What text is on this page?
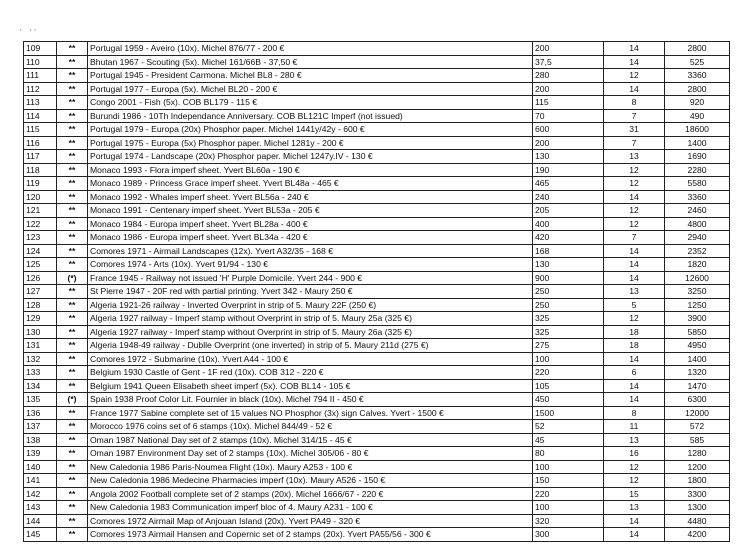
' ''
109	**	Portugal 1959 - Aveiro (10x). Michel 876/77 - 200 €	200	14	2800
110	**	Bhutan 1967 - Scouting (5x). Michel 161/66B - 37,50 €	37,5	14	525
111	**	Portugal 1945 - President Carmona. Michel BL8 - 280 €	280	12	3360
112	**	Portugal 1977 - Europa (5x). Michel BL20 - 200 €	200	14	2800
113	**	Congo 2001 - Fish (5x). COB BL179 - 115 €	115	8	920
114	**	Burundi 1986 - 10Th Independance Anniversary. COB BL121C Imperf (not issued)	70	7	490
115	**	Portugal 1979 - Europa (20x) Phosphor paper. Michel 1441y/42y - 600 €	600	31	18600
116	**	Portugal 1975 - Europa (5x) Phosphor paper. Michel 1281y - 200 €	200	7	1400
117	**	Portugal 1974 - Landscape (20x) Phosphor paper. Michel 1247y.IV - 130 €	130	13	1690
118	**	Monaco 1993 - Flora imperf sheet. Yvert BL60a - 190 €	190	12	2280
119	**	Monaco 1989 - Princess Grace imperf sheet. Yvert BL48a - 465 €	465	12	5580
120	**	Monaco 1992 - Whales imperf sheet. Yvert BL56a - 240 €	240	14	3360
121	**	Monaco 1991 - Centenary imperf sheet. Yvert BL53a - 205 €	205	12	2460
122	**	Monaco 1984 - Europa imperf sheet. Yvert BL28a - 400 €	400	12	4800
123	**	Monaco 1986 - Europa imperf sheet. Yvert BL34a - 420 €	420	7	2940
124	**	Comores 1971 - Airmail Landscapes (12x). Yvert A32/35 - 168 €	168	14	2352
125	**	Comores 1974 - Arts (10x). Yvert 91/94 - 130 €	130	14	1820
126	(*)	France 1945 - Railway not issued 'H' Purple Domicile. Yvert 244 - 900 €	900	14	12600
127	**	St Pierre 1947 - 20F red with partial printing. Yvert 342 - Maury 250 €	250	13	3250
128	**	Algeria 1921-26 railway - Inverted Overprint in strip of 5. Maury 22F (250 €)	250	5	1250
129	**	Algeria 1927 railway - Imperf stamp without Overprint in strip of 5. Maury 25a (325 €)	325	12	3900
130	**	Algeria 1927 railway - Imperf stamp without Overprint in strip of 5. Maury 26a (325 €)	325	18	5850
131	**	Algeria 1948-49 railway - Dublle Overprint (one inverted) in strip of 5. Maury 211d (275 €)	275	18	4950
132	**	Comores 1972 - Submarine (10x). Yvert A44 - 100 €	100	14	1400
133	**	Belgium 1930 Castle of Gent - 1F red (10x). COB 312 - 220 €	220	6	1320
134	**	Belgium 1941 Queen Elisabeth sheet imperf (5x). COB BL14 - 105 €	105	14	1470
135	(*)	Spain 1938 Proof Color Lit. Fournier in black (10x). Michel 794 II - 450 €	450	14	6300
136	**	France 1977 Sabine complete set of 15 values NO Phosphor (3x) sign Calves. Yvert - 1500 €	1500	8	12000
137	**	Morocco 1976 coins set of 6 stamps (10x). Michel 844/49 - 52 €	52	11	572
138	**	Oman 1987 National Day set of 2 stamps (10x). Michel 314/15 - 45 €	45	13	585
139	**	Oman 1987 Environment Day set of 2 stamps (10x). Michel 305/06 - 80 €	80	16	1280
140	**	New Caledonia 1986 Paris-Noumea Flight (10x). Maury A253 - 100 €	100	12	1200
141	**	New Caledonia 1986 Medecine Pharmacies imperf (10x). Maury A526 - 150 €	150	12	1800
142	**	Angola 2002 Football complete set of 2 stamps (20x). Michel 1666/67 - 220 €	220	15	3300
143	**	New Caledonia 1983 Communication imperf bloc of 4. Maury A231 - 100 €	100	13	1300
144	**	Comores 1972 Airmail Map of Anjouan Island (20x). Yvert PA49 - 320 €	320	14	4480
145	**	Comores 1973 Airmail Hansen and Copernic set of 2 stamps (20x). Yvert PA55/56 - 300 €	300	14	4200
